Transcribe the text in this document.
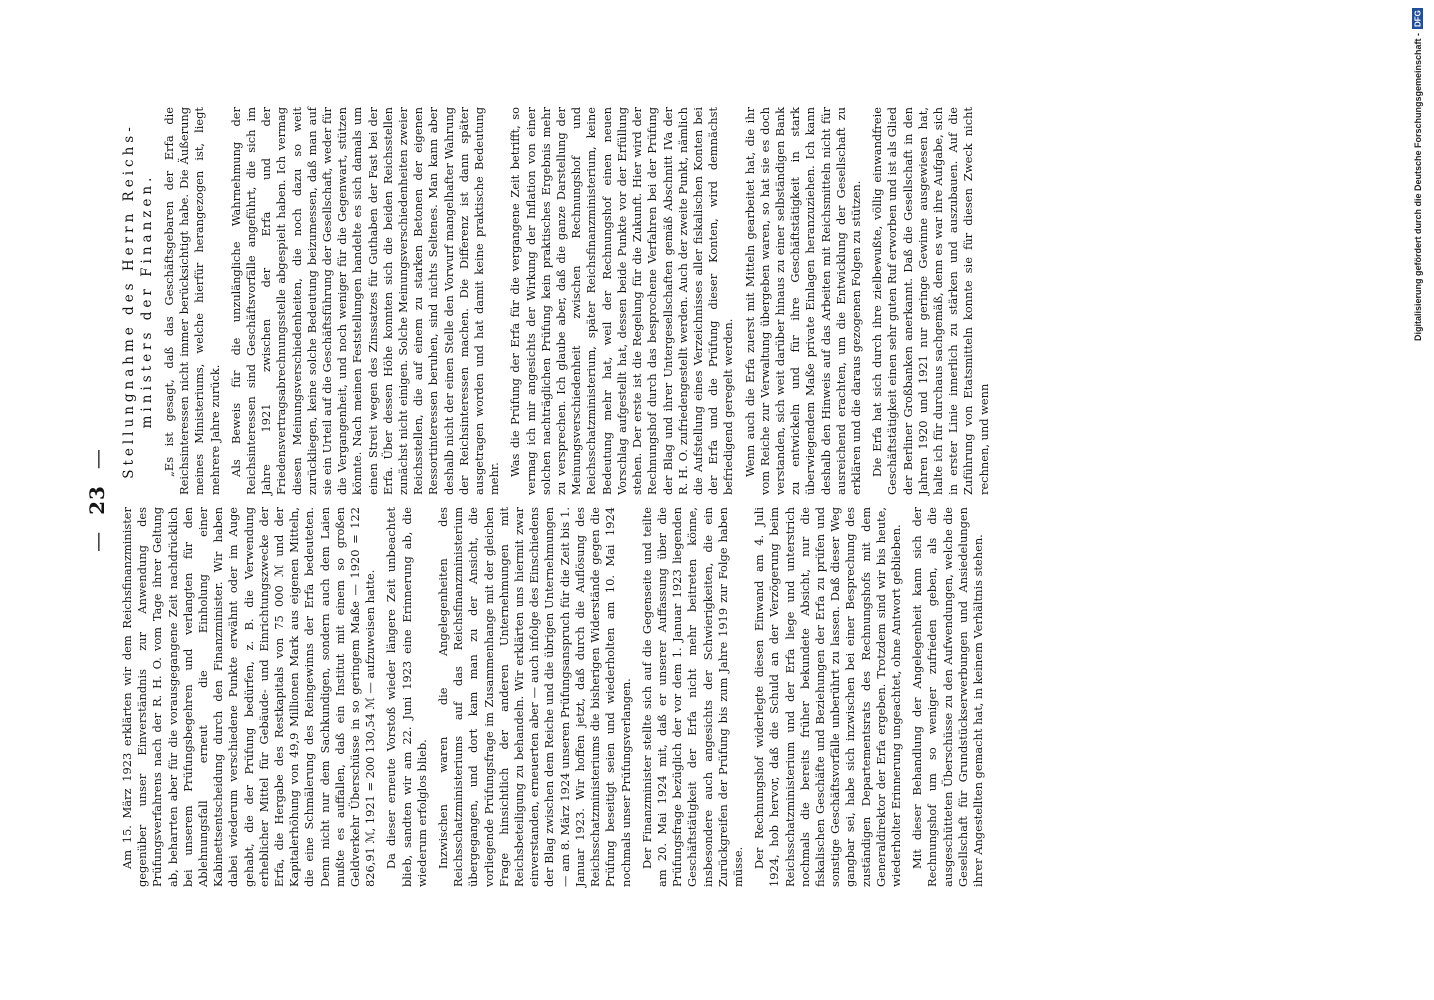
—23—

Am 15. März 1923 erklärten wir dem Reichsfinanzminister gegenüber unser Einverständnis zur Anwendung des Prüfungsverfahrens nach der R. H. O. vom Tage ihrer Geltung ab, beharrten aber für die vorausgegangene Zeit nachdrücklich bei unserem Prüfungsbegehren und verlangten für den Ablehnungsfall erneut die Einholung einer Kabinettsentscheidung durch den Finanzminister. Wir haben dabei wiederum verschiedene Punkte erwähnt oder im Auge gehabt, die der Prüfung bedürfen, z. B. die Verwendung erheblicher Mittel für Gebäude- und Einrichtungszwecke der Erfa, die Hergabe des Restkapitals von 75 000 ℳ und der Kapitalerhöhung von 49,9 Millionen Mark aus eigenen Mitteln, die eine Schmälerung des Reingewinns der Erfa bedeuteten. Denn nicht nur dem Sachkundigen, sondern auch dem Laien mußte es auffallen, daß ein Institut mit einem so großen Geldverkehr Überschüsse in so geringem Maße — 1920 = 122 826,91 ℳ, 1921 = 200 130,54 ℳ — aufzuweisen hatte. Da dieser erneute Vorstoß wieder längere Zeit unbeachtet blieb, sandten wir am 22. Juni 1923 eine Erinnerung ab, die wiederum erfolglos blieb. Inzwischen waren die Angelegenheiten des Reichsschatzministeriums auf das Reichsfinanzministerium übergegangen, und dort kam man zu der Ansicht, die vorliegende Prüfungsfrage im Zusammenhange mit der gleichen Frage hinsichtlich der anderen Unternehmungen mit Reichsbeteiligung zu behandeln. Wir erklärten uns hiermit zwar einverstanden, erneuerten aber — auch infolge des Einschiedens der Blag zwischen dem Reiche und die übrigen Unternehmungen — am 8. März 1924 unseren Prüfungsanspruch für die Zeit bis 1. Januar 1923. Wir hoffen jetzt, daß durch die Auflösung des Reichsschatzministeriums die bisherigen Widerstände gegen die Prüfung beseitigt seien und wiederholten am 10. Mai 1924 nochmals unser Prüfungsverlangen. Der Finanzminister stellte sich auf die Gegenseite und teilte am 20. Mai 1924 mit, daß er unserer Auffassung über die Prüfungsfrage bezüglich der vor dem 1. Januar 1923 liegenden Geschäftstätigkeit der Erfa nicht mehr beitreten könne, insbesondere auch angesichts der Schwierigkeiten, die ein Zurückgreifen der Prüfung bis zum Jahre 1919 zur Folge haben müsse. Der Rechnungshof widerlegte diesen Einwand am 4. Juli 1924, hob hervor, daß die Schuld an der Verzögerung beim Reichsschatzministerium und der Erfa liege und unterstrich nochmals die bereits früher bekundete Absicht, nur die fiskalischen Geschäfte und Beziehungen der Erfa zu prüfen und sonstige Geschäftsvorfälle unberührt zu lassen. Daß dieser Weg gangbar sei, habe sich inzwischen bei einer Besprechung des zuständigen Departementsrats des Rechnungshofs mit dem Generaldirektor der Erfa ergeben. Trotzdem sind wir bis heute, wiederholter Erinnerung ungeachtet, ohne Antwort geblieben. Mit dieser Behandlung der Angelegenheit kann sich der Rechnungshof um so weniger zufrieden geben, als die ausgeschütteten Überschüsse zu den Aufwendungen, welche die Gesellschaft für Grundstückserwerbungen und Ansiedelungen ihrer Angestellten gemacht hat, in keinem Verhältnis stehen.

Stellungnahme des Herrn Reichs- ministers der Finanzen. „Es ist gesagt, daß das Geschäftsgebaren der Erfa die Reichsinteressen nicht immer berücksichtigt habe. Die Äußerung meines Ministeriums, welche hierfür herangezogen ist, liegt mehrere Jahre zurück. Als Beweis für die unzulängliche Wahrnehmung der Reichsinteressen sind Geschäftsvorfälle angeführt, die sich im Jahre 1921 zwischen der Erfa und der Friedensvertragsabrechnungsstelle abgespielt haben. Ich vermag diesen Meinungsverschiedenheiten, die noch dazu so weit zurückliegen, keine solche Bedeutung beizumessen, daß man auf sie ein Urteil auf die Geschäftsführung der Gesellschaft, weder für die Vergangenheit, und noch weniger für die Gegenwart, stützen könnte. Nach meinen Feststellungen handelte es sich damals um einen Streit wegen des Zinssatzes für Guthaben der Fast bei der Erfa. Über dessen Höhe konnten sich die beiden Reichsstellen zunächst nicht einigen. Solche Meinungsverschiedenheiten zweier Reichsstellen, die auf einem zu starken Betonen der eigenen Ressortinteressen beruhen, sind nichts Seltenes. Man kann aber deshalb nicht der einen Stelle den Vorwurf mangelhafter Wahrung der Reichsinteressen machen. Die Differenz ist dann später ausgetragen worden und hat damit keine praktische Bedeutung mehr.

Was die Prüfung der Erfa für die vergangene Zeit betrifft, so vermag ich mir angesichts der Wirkung der Inflation von einer solchen nachträglichen Prüfung kein praktisches Ergebnis mehr zu versprechen. Ich glaube aber, daß die ganze Darstellung der Meinungsverschiedenheit zwischen Rechnungshof und Reichsschatzministerium, später Reichsfinanzministerium, keine Bedeutung mehr hat, weil der Rechnungshof einen neuen Vorschlag aufgestellt hat, dessen beide Punkte vor der Erfüllung stehen. Der erste ist die Regelung für die Zukunft. Hier wird der Rechnungshof durch das besprochene Verfahren bei der Prüfung der Blag und ihrer Untergesellschaften gemäß Abschnitt IVa der R. H. O. zufriedengestellt werden. Auch der zweite Punkt, nämlich die Aufstellung eines Verzeichnisses aller fiskalischen Konten bei der Erfa und die Prüfung dieser Konten, wird demnächst befriedigend geregelt werden. Wenn auch die Erfa zuerst mit Mitteln gearbeitet hat, die ihr vom Reiche zur Verwaltung übergeben waren, so hat sie es doch verstanden, sich weit darüber hinaus zu einer selbständigen Bank zu entwickeln und für ihre Geschäftstätigkeit in stark überwiegendem Maße private Einlagen heranzuziehen. Ich kann deshalb den Hinweis auf das Arbeiten mit Reichsmitteln nicht für ausreichend erachten, um die Entwicklung der Gesellschaft zu erklären und die daraus gezogenen Folgen zu stützen. Die Erfa hat sich durch ihre zielbewußte, völlig einwandfreie Geschäftstätigkeit einen sehr guten Ruf erworben und ist als Glied der Berliner Großbanken anerkannt. Daß die Gesellschaft in den Jahren 1920 und 1921 nur geringe Gewinne ausgewiesen hat, halte ich für durchaus sachgemäß, denn es war ihre Aufgabe, sich in erster Linie innerlich zu stärken und auszubauen. Auf die Zuführung von Etatsmitteln konnte sie für diesen Zweck nicht rechnen, und wenn

Digitalisierung gefördert durch die Deutsche Forschungsgemeinschaft -
DFG
